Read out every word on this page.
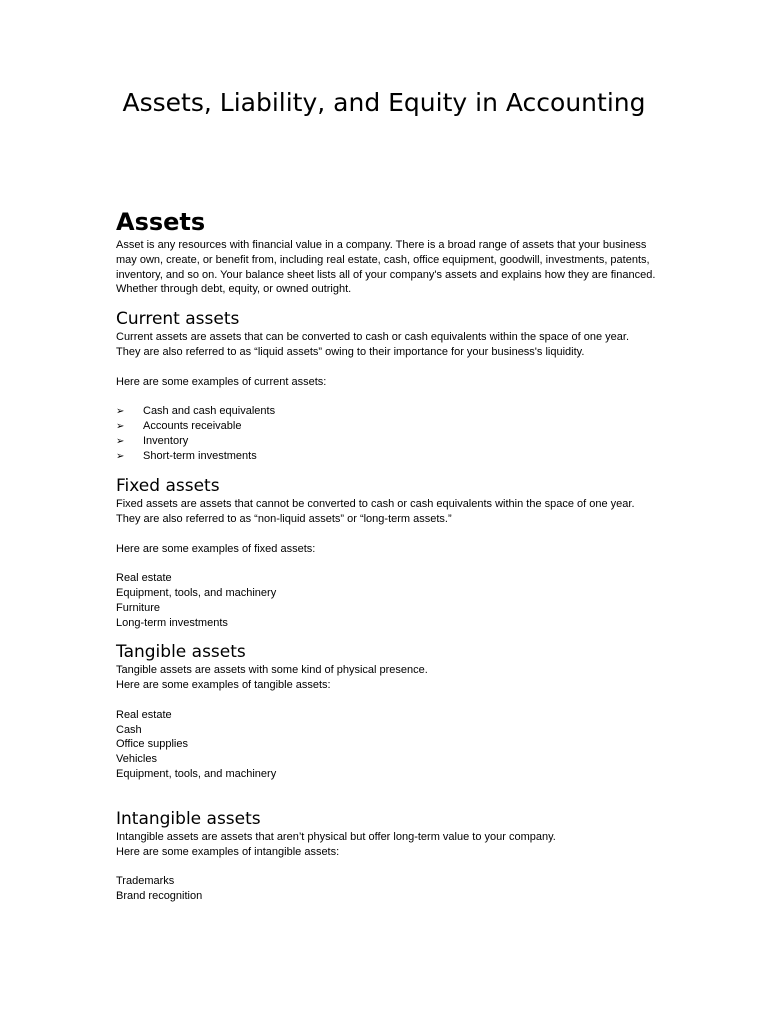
Assets, Liability, and Equity in Accounting
Assets

Asset is any resources with financial value in a company. There is a broad range of assets that your business may own, create, or benefit from, including real estate, cash, office equipment, goodwill, investments, patents, inventory, and so on. Your balance sheet lists all of your company's assets and explains how they are financed. Whether through debt, equity, or owned outright.

Current assets

Current assets are assets that can be converted to cash or cash equivalents within the space of one year. They are also referred to as “liquid assets” owing to their importance for your business's liquidity.

Here are some examples of current assets:

➢ Cash and cash equivalents
➢ Accounts receivable
➢ Inventory
➢ Short-term investments
Fixed assets

Fixed assets are assets that cannot be converted to cash or cash equivalents within the space of one year. They are also referred to as “non-liquid assets” or “long-term assets.”

Here are some examples of fixed assets:

Real estate
Equipment, tools, and machinery
Furniture
Long-term investments
Tangible assets

Tangible assets are assets with some kind of physical presence.

Here are some examples of tangible assets:

Real estate
Cash
Office supplies
Vehicles
Equipment, tools, and machinery
Intangible assets

Intangible assets are assets that aren’t physical but offer long-term value to your company.

Here are some examples of intangible assets:

Trademarks
Brand recognition
